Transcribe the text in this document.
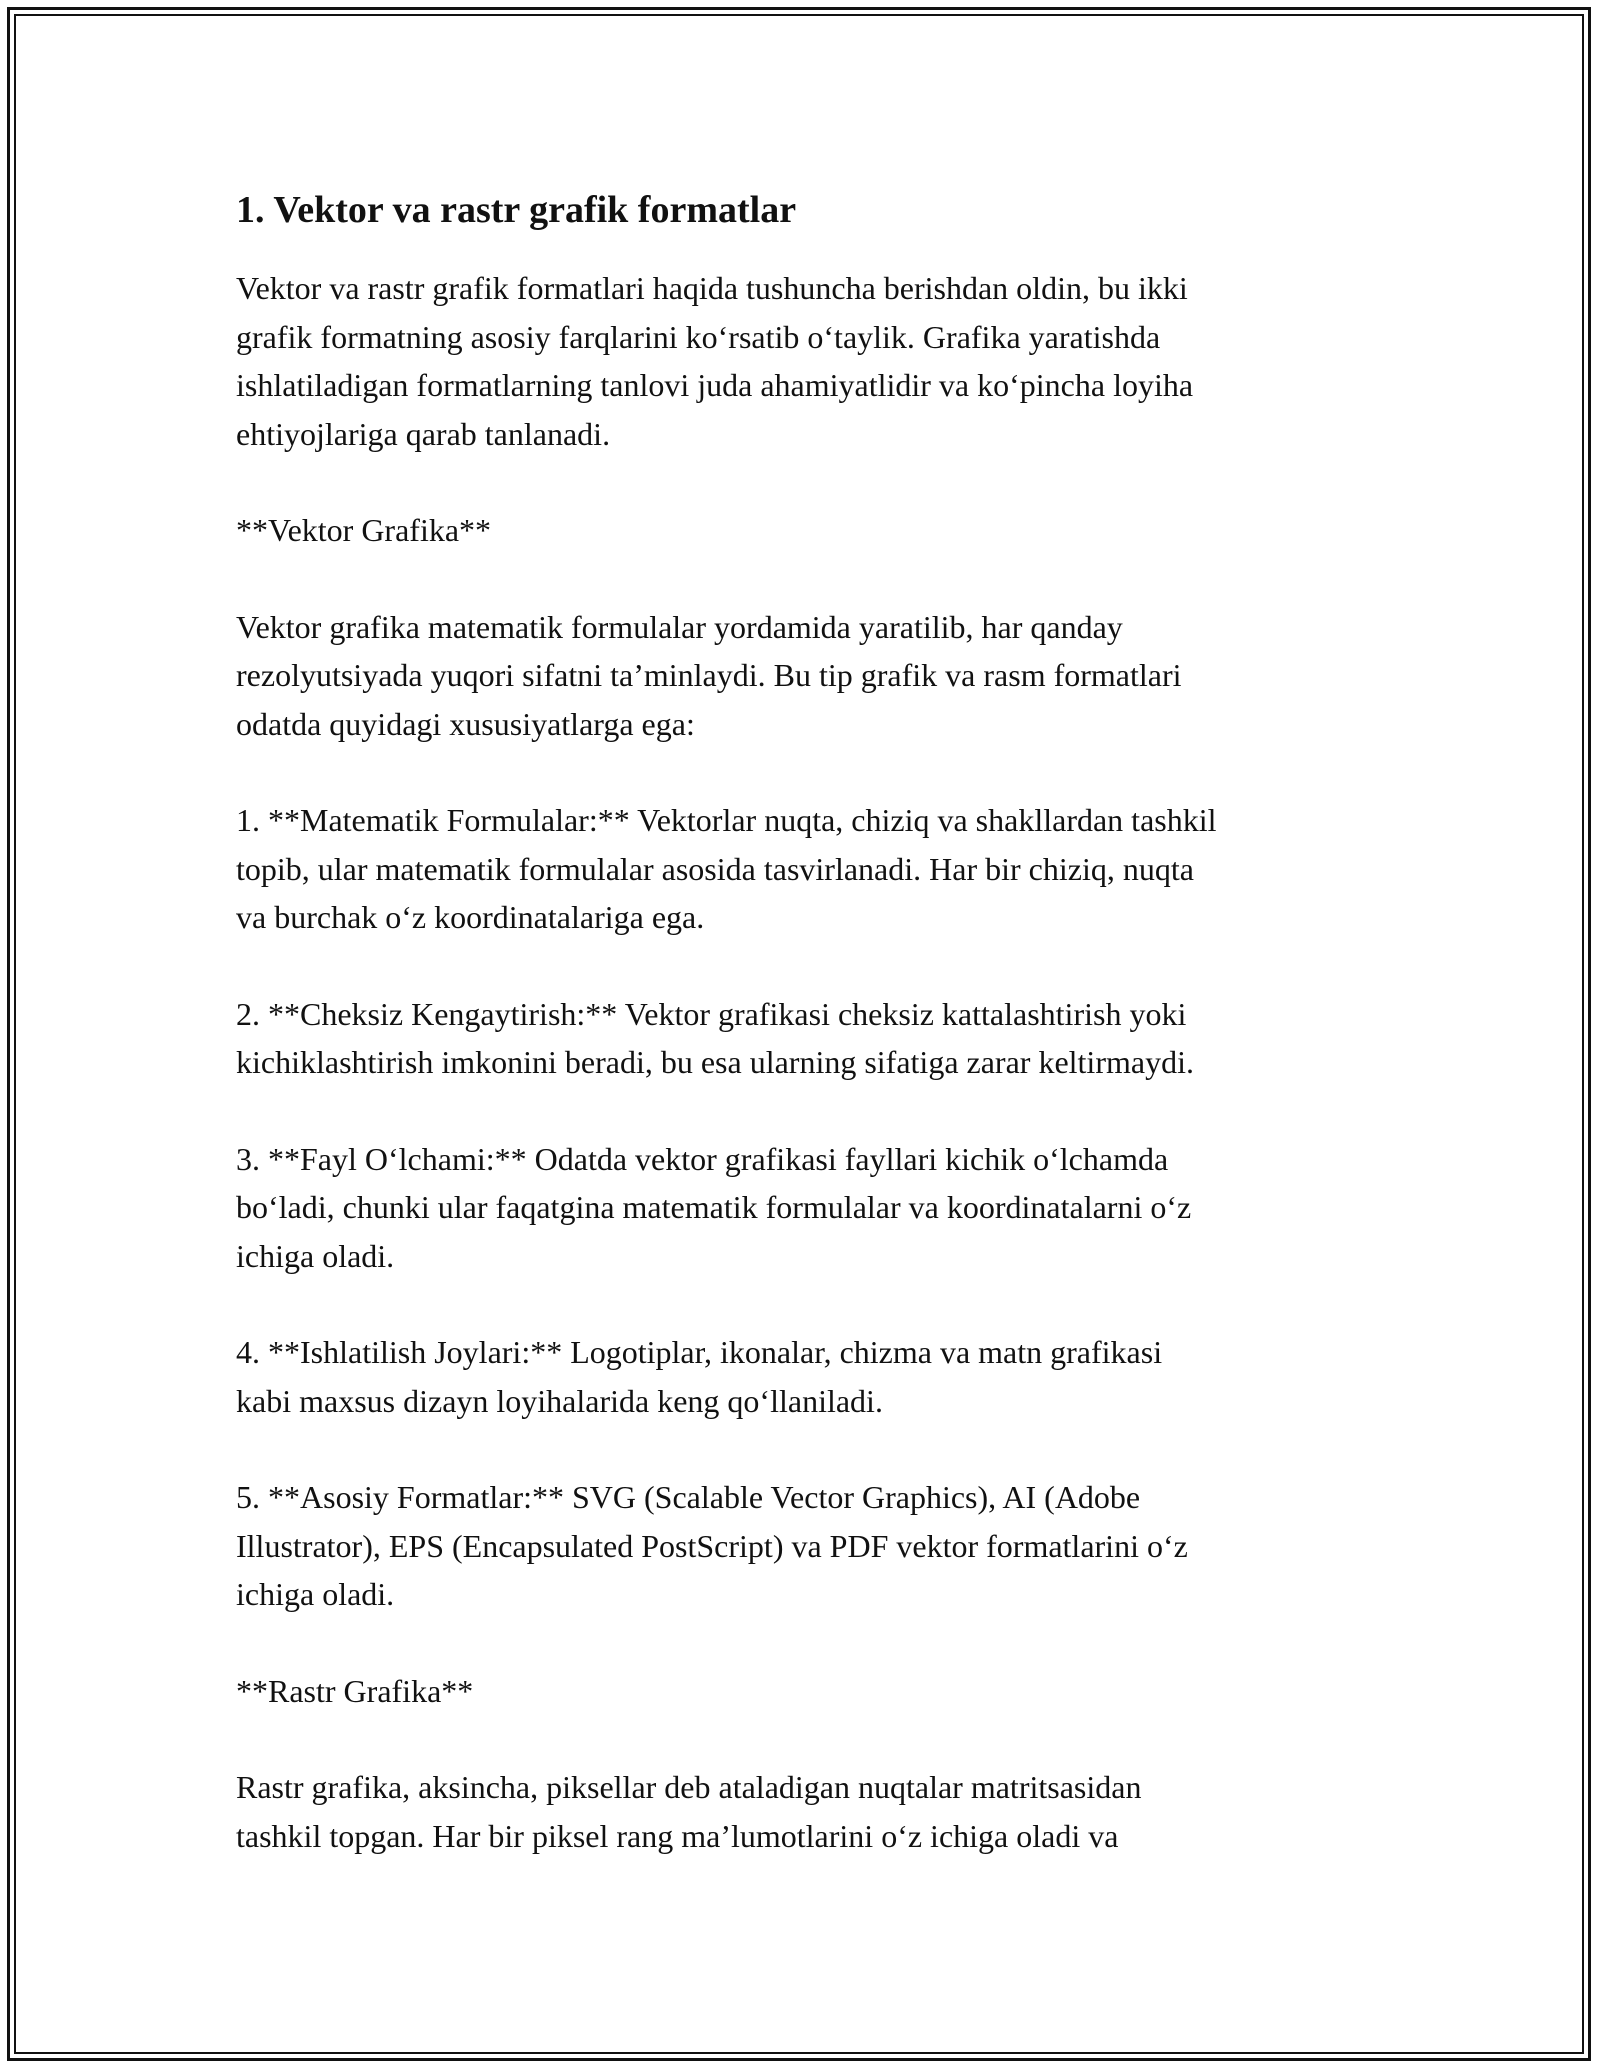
1. Vektor va rastr grafik formatlar

Vektor va rastr grafik formatlari haqida tushuncha berishdan oldin, bu ikki
grafik formatning asosiy farqlarini koʻrsatib oʻtaylik. Grafika yaratishda
ishlatiladigan formatlarning tanlovi juda ahamiyatlidir va koʻpincha loyiha
ehtiyojlariga qarab tanlanadi.

**Vektor Grafika**

Vektor grafika matematik formulalar yordamida yaratilib, har qanday
rezolyutsiyada yuqori sifatni taʼminlaydi. Bu tip grafik va rasm formatlari
odatda quyidagi xususiyatlarga ega:

1. **Matematik Formulalar:** Vektorlar nuqta, chiziq va shakllardan tashkil
topib, ular matematik formulalar asosida tasvirlanadi. Har bir chiziq, nuqta
va burchak oʻz koordinatalariga ega.

2. **Cheksiz Kengaytirish:** Vektor grafikasi cheksiz kattalashtirish yoki
kichiklashtirish imkonini beradi, bu esa ularning sifatiga zarar keltirmaydi.

3. **Fayl Oʻlchami:** Odatda vektor grafikasi fayllari kichik oʻlchamda
boʻladi, chunki ular faqatgina matematik formulalar va koordinatalarni oʻz
ichiga oladi.

4. **Ishlatilish Joylari:** Logotiplar, ikonalar, chizma va matn grafikasi
kabi maxsus dizayn loyihalarida keng qoʻllaniladi.

5. **Asosiy Formatlar:** SVG (Scalable Vector Graphics), AI (Adobe
Illustrator), EPS (Encapsulated PostScript) va PDF vektor formatlarini oʻz
ichiga oladi.

**Rastr Grafika**

Rastr grafika, aksincha, piksellar deb ataladigan nuqtalar matritsasidan
tashkil topgan. Har bir piksel rang maʼlumotlarini oʻz ichiga oladi va
